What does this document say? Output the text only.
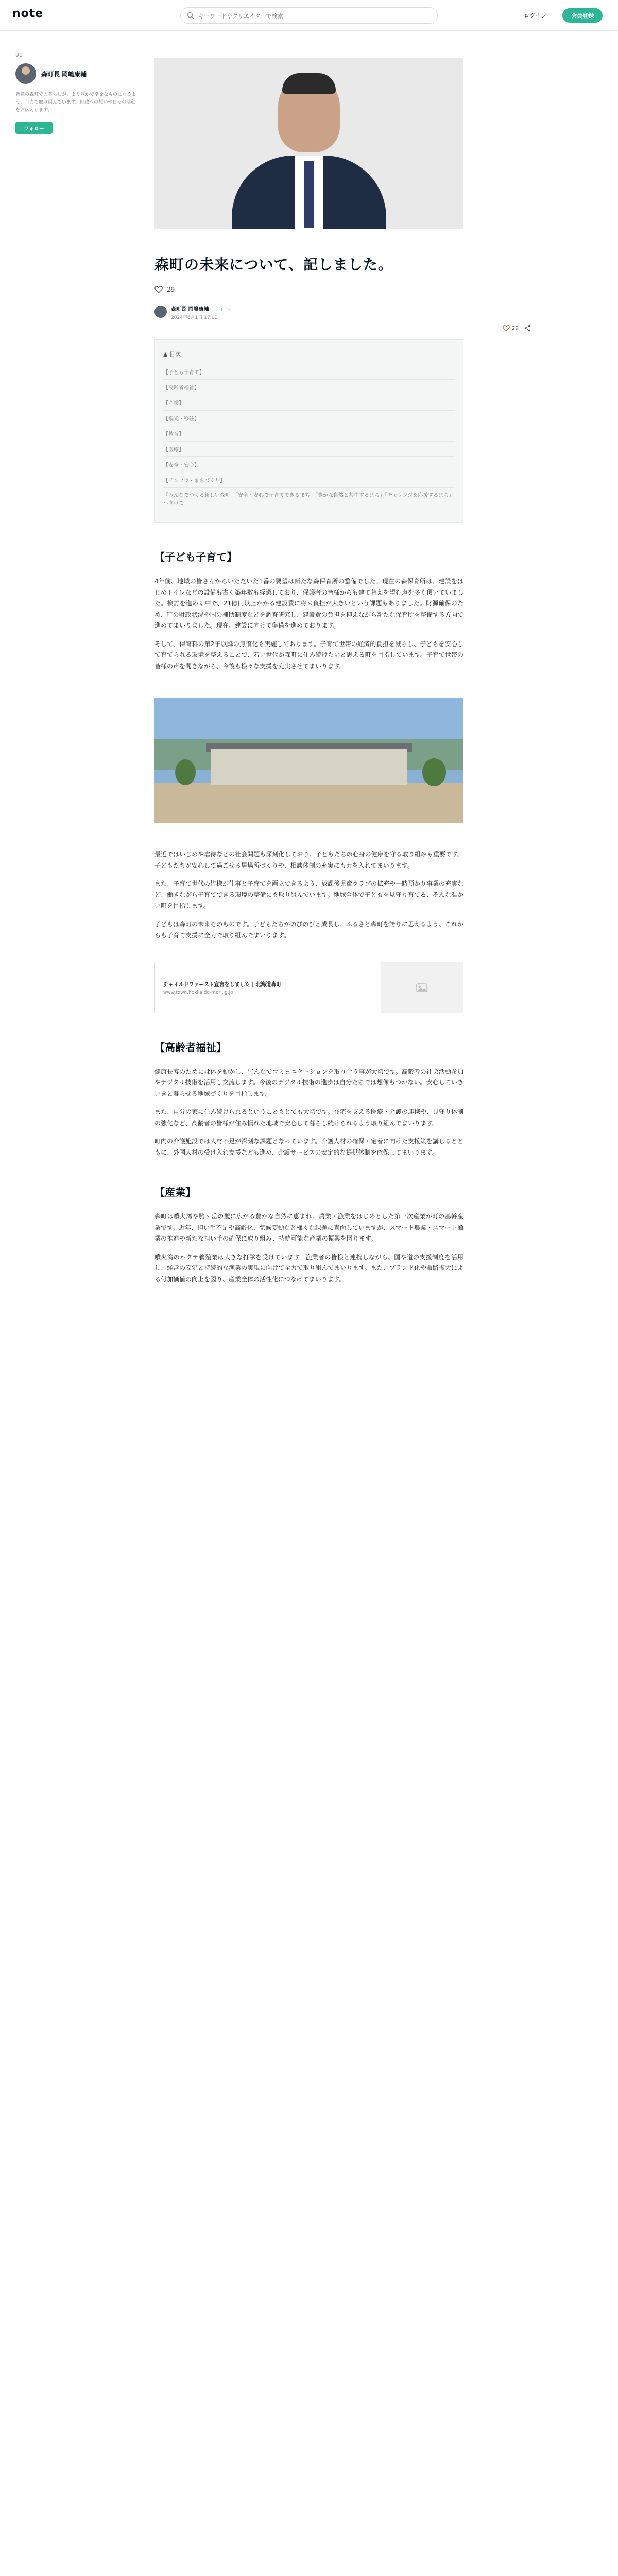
note
キーワードやクリエイターで検索	ログイン	会員登録
91
森町長 岡嶋康輔
皆様の森町での暮らしが、より豊かで幸せなものになるよう、全力で取り組んでいます。町政への想いや日々の活動をお伝えします。
フォロー
29
森町の未来について、記しました。
29
森町長 岡嶋康輔 フォロー
2024年6月1日 17:01
▲ 目次
【子ども子育て】
【高齢者福祉】
【産業】
【観光・移住】
【教育】
【医療】
【安全・安心】
【インフラ・まちづくり】
「みんなでつくる新しい森町」「安全・安心で子育てできるまち」「豊かな自然と共生するまち」「チャレンジを応援するまち」へ向けて
【子ども子育て】

4年前、地域の皆さんからいただいた1番の要望は新たな森保育所の整備でした。現在の森保育所は、建設をはじめトイレなどの設備も古く築年数も経過しており、保護者の皆様からも建て替えを望む声を多く頂いていました。検討を進める中で、21億円以上かかる建設費に将来負担が大きいという課題もありました。財源確保のため、町の財政状況や国の補助制度などを調査研究し、建設費の負担を抑えながら新たな保育所を整備する方向で進めてまいりました。現在、建設に向けて準備を進めております。

そして、保育料の第2子以降の無償化も実施しております。子育て世帯の経済的負担を減らし、子どもを安心して育てられる環境を整えることで、若い世代が森町に住み続けたいと思える町を目指しています。子育て世帯の皆様の声を聞きながら、今後も様々な支援を充実させてまいります。

最近ではいじめや虐待などの社会問題も深刻化しており、子どもたちの心身の健康を守る取り組みも重要です。子どもたちが安心して過ごせる居場所づくりや、相談体制の充実にも力を入れてまいります。

また、子育て世代の皆様が仕事と子育てを両立できるよう、放課後児童クラブの拡充や一時預かり事業の充実など、働きながら子育てできる環境の整備にも取り組んでいます。地域全体で子どもを見守り育てる、そんな温かい町を目指します。

子どもは森町の未来そのものです。子どもたちがのびのびと成長し、ふるさと森町を誇りに思えるよう、これからも子育て支援に全力で取り組んでまいります。

チャイルドファースト宣言をしました | 北海道森町
www.town.hokkaido-mori.lg.jp
【高齢者福祉】

健康長寿のためには体を動かし、皆んなでコミュニケーションを取り合う事が大切です。高齢者の社会活動参加やデジタル技術を活用し交流します。今後のデジタル技術の進歩は自分たちでは想像もつかない。安心していきいきと暮らせる地域づくりを目指します。

また、自分の家に住み続けられるということもとても大切です。在宅を支える医療・介護の連携や、見守り体制の強化など、高齢者の皆様が住み慣れた地域で安心して暮らし続けられるよう取り組んでまいります。

町内の介護施設では人材不足が深刻な課題となっています。介護人材の確保・定着に向けた支援策を講じるとともに、外国人材の受け入れ支援なども進め、介護サービスの安定的な提供体制を確保してまいります。

【産業】

森町は噴火湾や駒ヶ岳の麓に広がる豊かな自然に恵まれ、農業・漁業をはじめとした第一次産業が町の基幹産業です。近年、担い手不足や高齢化、気候変動など様々な課題に直面していますが、スマート農業・スマート漁業の推進や新たな担い手の確保に取り組み、持続可能な産業の振興を図ります。

噴火湾のホタテ養殖業は大きな打撃を受けています。漁業者の皆様と連携しながら、国や道の支援制度を活用し、経営の安定と持続的な漁業の実現に向けて全力で取り組んでまいります。また、ブランド化や販路拡大による付加価値の向上を図り、産業全体の活性化につなげてまいります。
